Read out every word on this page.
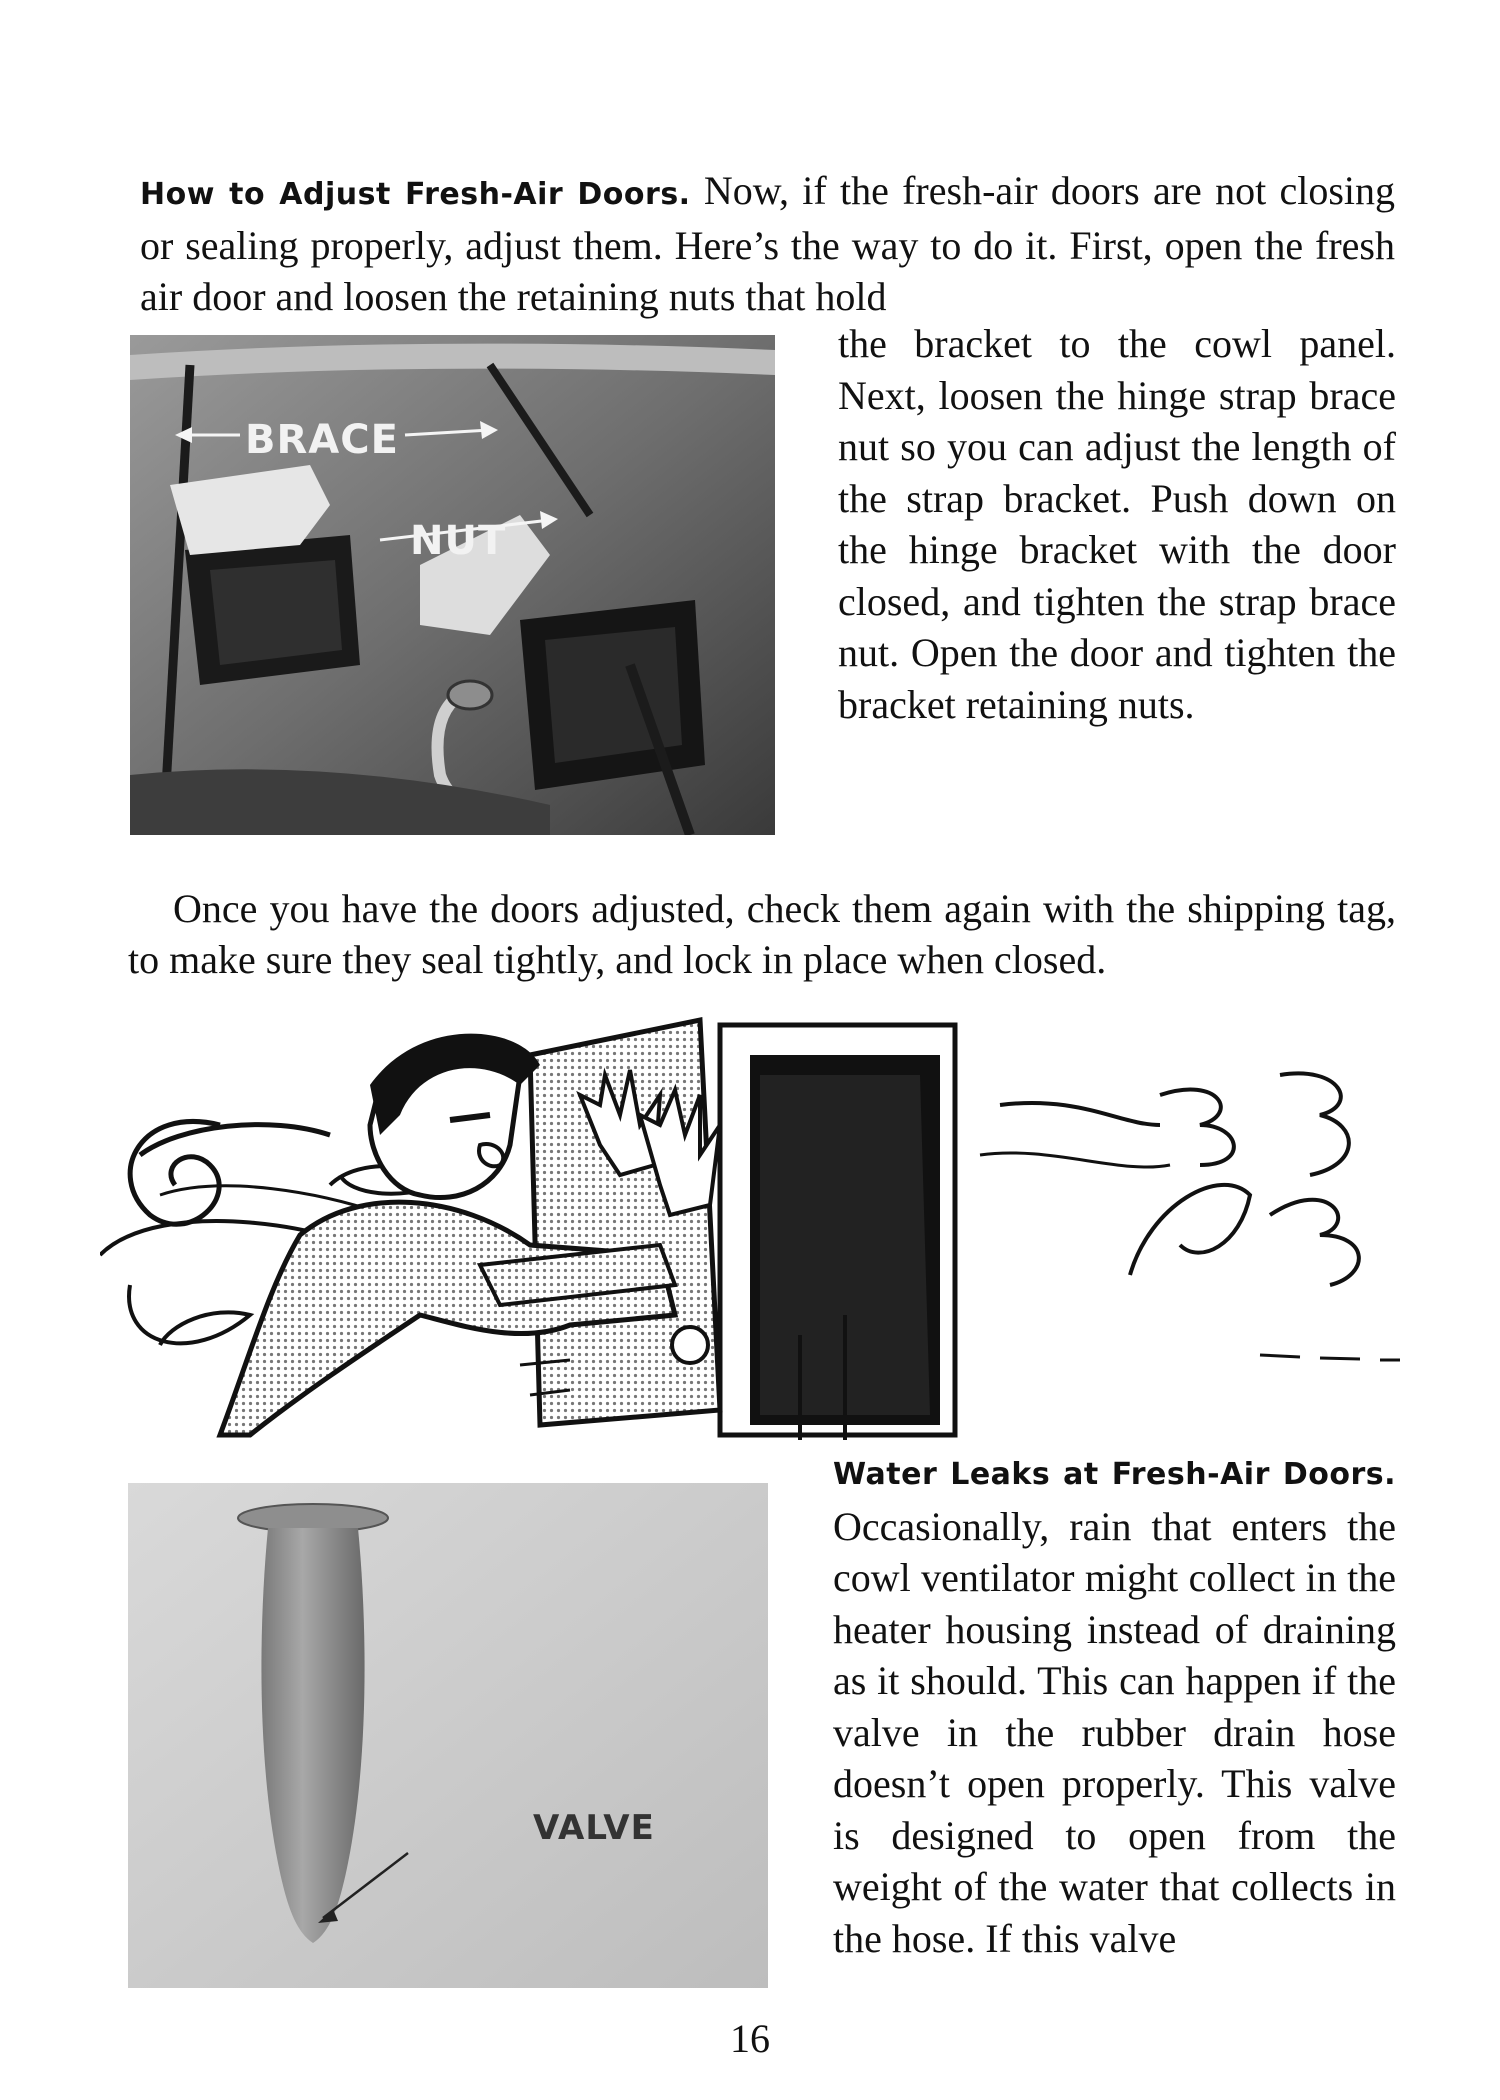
How to Adjust Fresh-Air Doors. Now, if the fresh-air doors are not closing or sealing properly, adjust them. Here’s the way to do it. First, open the fresh air door and loosen the retaining nuts that hold
BRACE
NUT
the bracket to the cowl panel. Next, loosen the hinge strap brace nut so you can adjust the length of the strap bracket. Push down on the hinge bracket with the door closed, and tighten the strap brace nut. Open the door and tighten the bracket retaining nuts.
Once you have the doors adjusted, check them again with the shipping tag, to make sure they seal tightly, and lock in place when closed.
VALVE
Water Leaks at Fresh-Air Doors. Occasionally, rain that enters the cowl ventilator might collect in the heater housing instead of draining as it should. This can happen if the valve in the rubber drain hose doesn’t open properly. This valve is designed to open from the weight of the water that collects in the hose. If this valve
16
